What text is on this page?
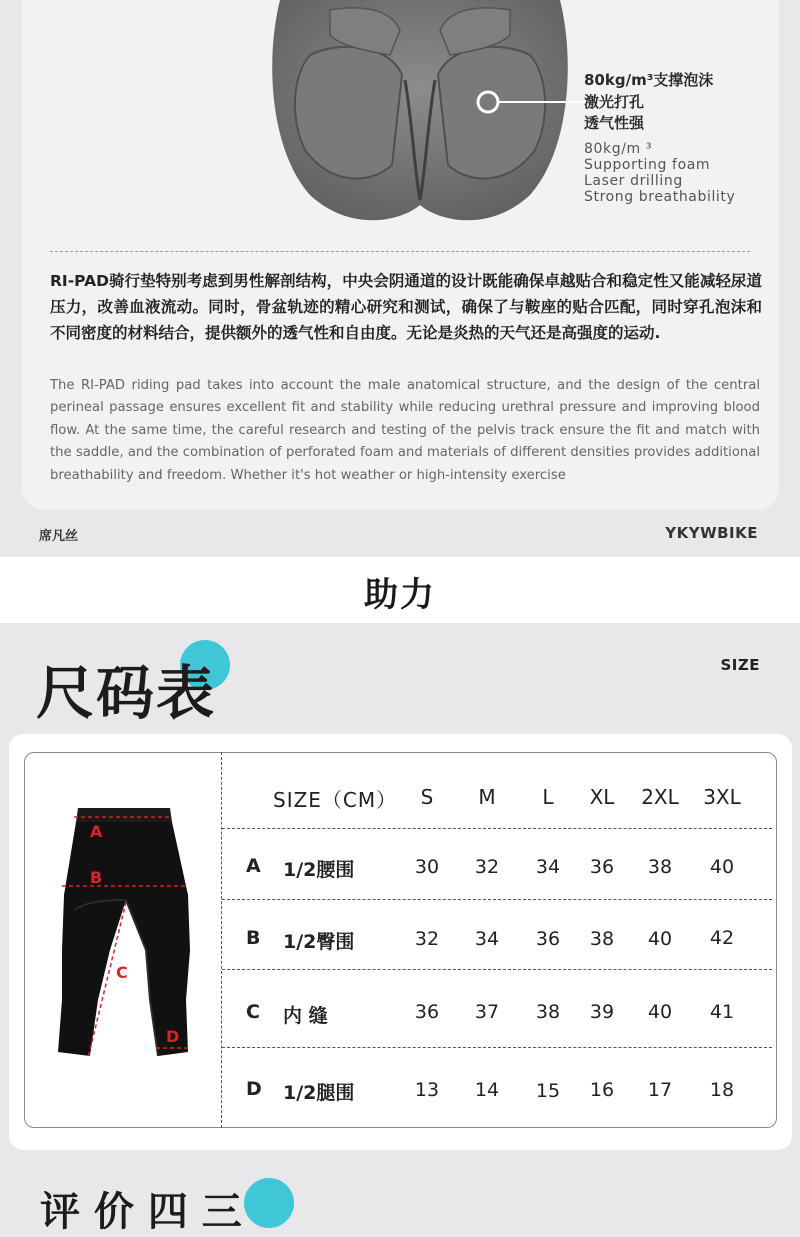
80kg/m³支撑泡沫
激光打孔
透气性强
80kg/m ³
Supporting foam
Laser drilling
Strong breathability

RI-PAD骑行垫特别考虑到男性解剖结构，中央会阴通道的设计既能确保卓越贴合和稳定性又能减轻尿道压力，改善血液流动。同时，骨盆轨迹的精心研究和测试，确保了与鞍座的贴合匹配，同时穿孔泡沫和不同密度的材料结合，提供额外的透气性和自由度。无论是炎热的天气还是高强度的运动.

The RI-PAD riding pad takes into account the male anatomical structure, and the design of the central perineal passage ensures excellent fit and stability while reducing urethral pressure and improving blood flow. At the same time, the careful research and testing of the pelvis track ensure the fit and match with the saddle, and the combination of perforated foam and materials of different densities provides additional breathability and freedom. Whether it's hot weather or high-intensity exercise

席凡丝	YKYWBIKE
助力
尺码表	SIZE
A
B
C
D
SIZE（CM）	S	M	L	XL	2XL	3XL
A 1/2腰围	30	32	34	36	38	40
B 1/2臀围	32	34	36	38	40	42
C 内 缝	36	37	38	39	40	41
D 1/2腿围	13	14	15	16	17	18
评 价 四 三
